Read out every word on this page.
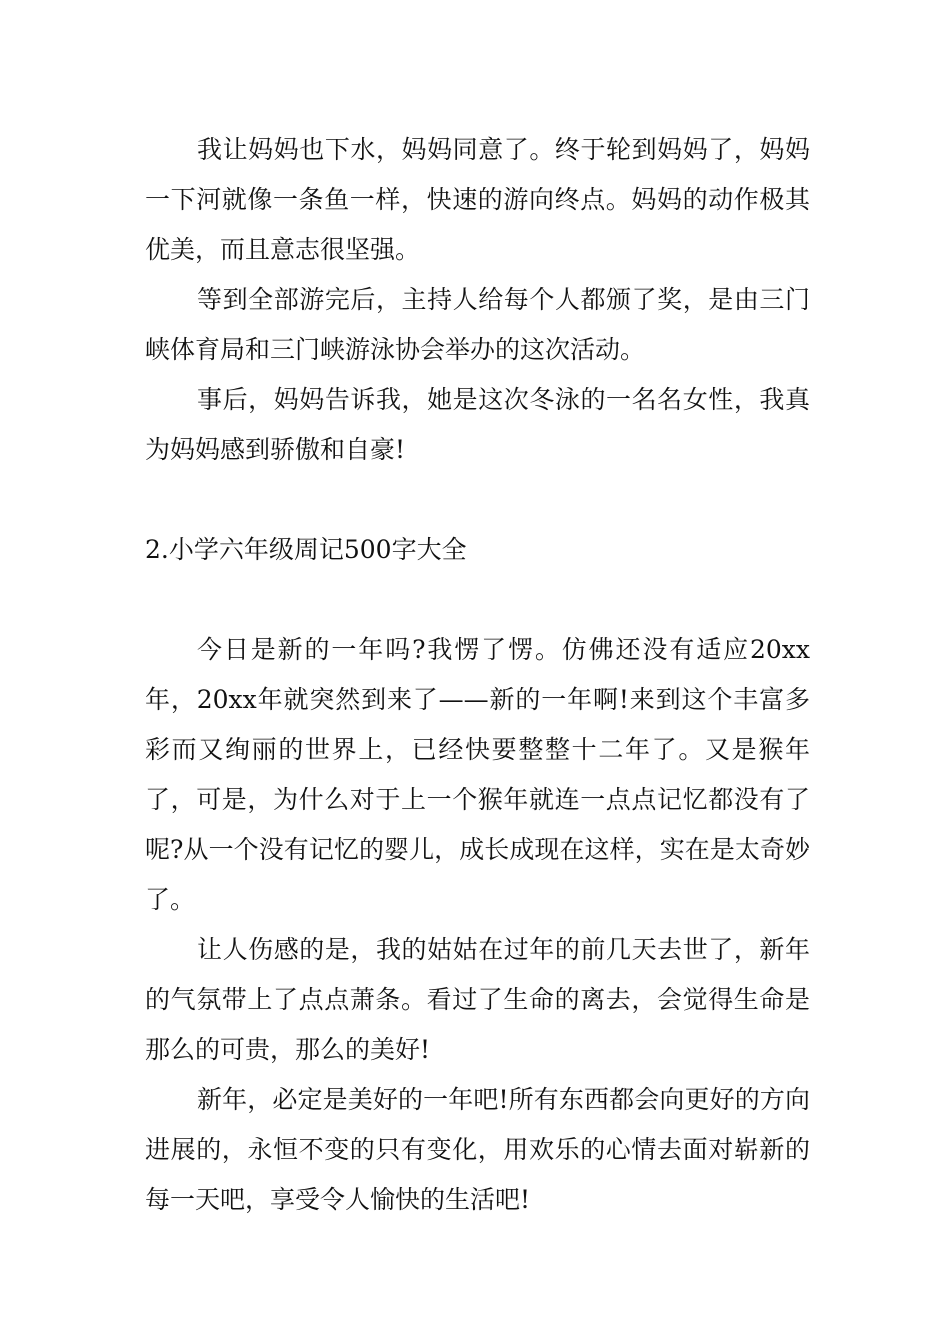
我让妈妈也下水，妈妈同意了。终于轮到妈妈了，妈妈一下河就像一条鱼一样，快速的游向终点。妈妈的动作极其优美，而且意志很坚强。

等到全部游完后，主持人给每个人都颁了奖，是由三门峡体育局和三门峡游泳协会举办的这次活动。

事后，妈妈告诉我，她是这次冬泳的一名名女性，我真为妈妈感到骄傲和自豪!

2.小学六年级周记500字大全

今日是新的一年吗?我愣了愣。仿佛还没有适应20xx年，20xx年就突然到来了——新的一年啊!来到这个丰富多彩而又绚丽的世界上，已经快要整整十二年了。又是猴年了，可是，为什么对于上一个猴年就连一点点记忆都没有了呢?从一个没有记忆的婴儿，成长成现在这样，实在是太奇妙了。

让人伤感的是，我的姑姑在过年的前几天去世了，新年的气氛带上了点点萧条。看过了生命的离去，会觉得生命是那么的可贵，那么的美好!

新年，必定是美好的一年吧!所有东西都会向更好的方向进展的，永恒不变的只有变化，用欢乐的心情去面对崭新的每一天吧，享受令人愉快的生活吧!
